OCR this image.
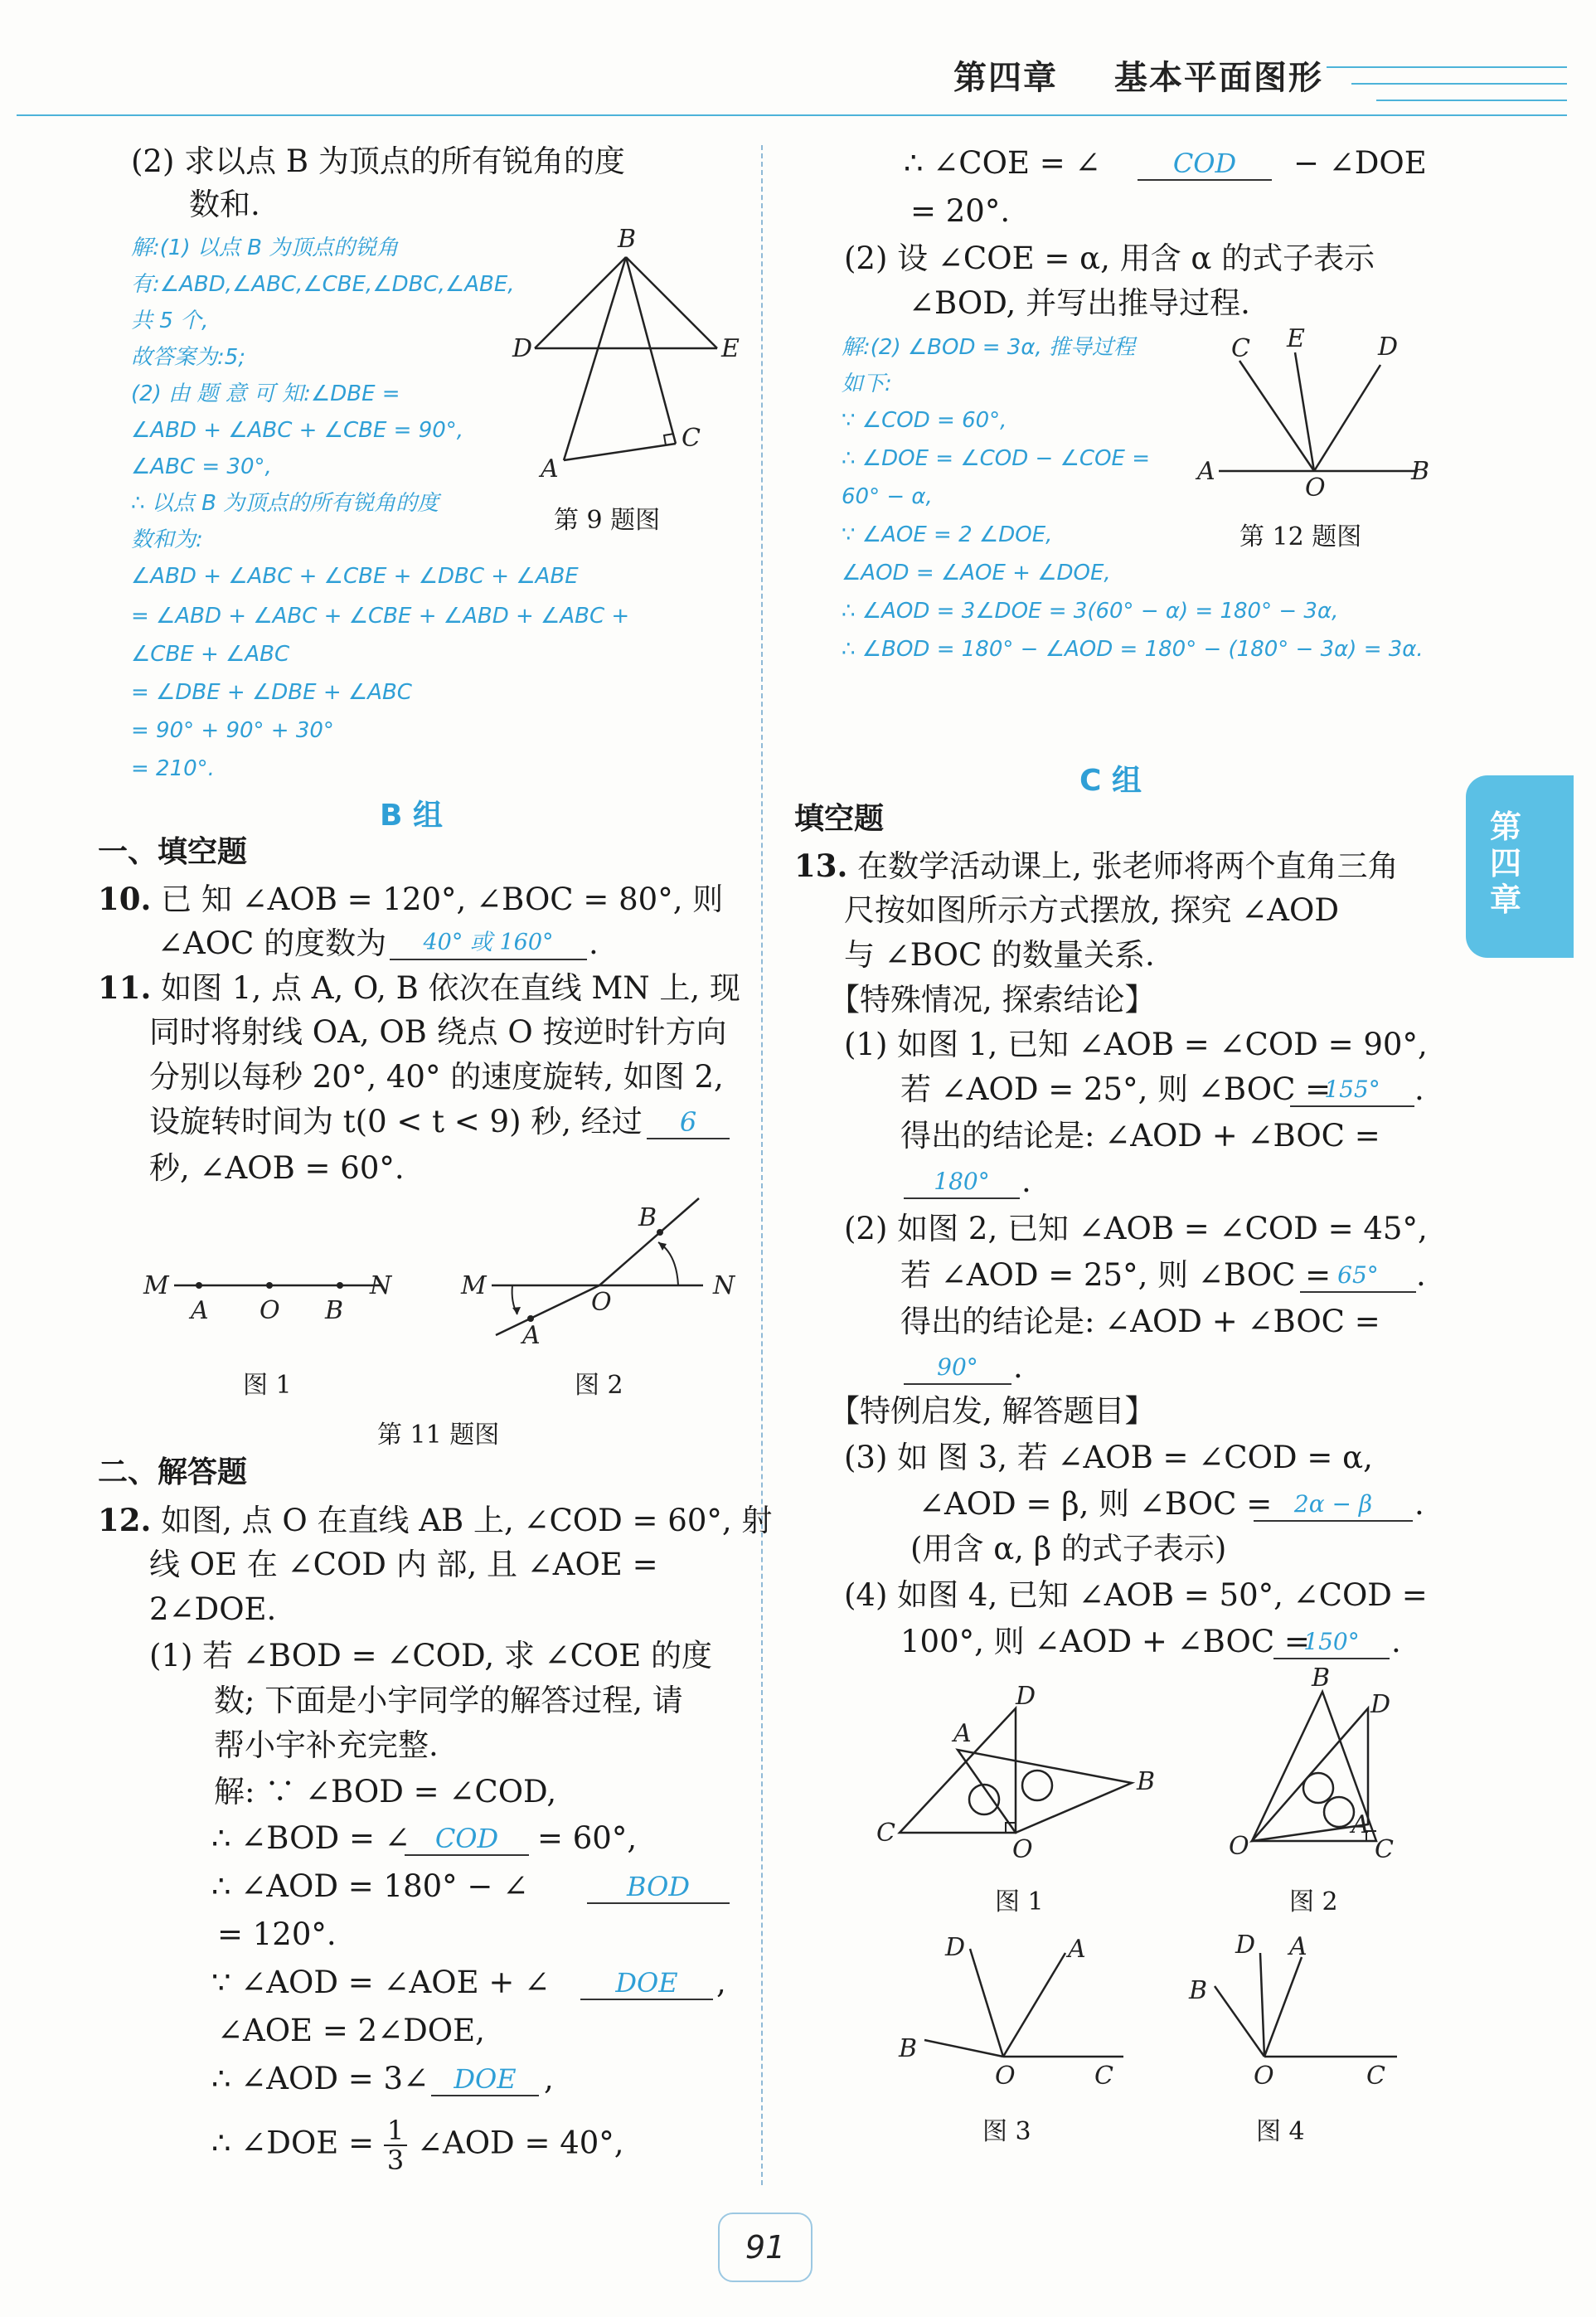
第四章 基本平面图形
第四章
(2) 求以点 B 为顶点的所有锐角的度
数和.
解:(1) 以点 B 为顶点的锐角
有:∠ABD,∠ABC,∠CBE,∠DBC,∠ABE,
共 5 个,
故答案为:5;
(2) 由 题 意 可 知:∠DBE =
∠ABD + ∠ABC + ∠CBE = 90°,
∠ABC = 30°,
∴ 以点 B 为顶点的所有锐角的度
数和为:
∠ABD + ∠ABC + ∠CBE + ∠DBC + ∠ABE
= ∠ABD + ∠ABC + ∠CBE + ∠ABD + ∠ABC +
∠CBE + ∠ABC
= ∠DBE + ∠DBE + ∠ABC
= 90° + 90° + 30°
= 210°.
B
D	E
A
C
第 9 题图
B 组
一、填空题
10. 已 知 ∠AOB = 120°, ∠BOC = 80°, 则
∠AOC 的度数为	40° 或 160°	.
11. 如图 1, 点 A, O, B 依次在直线 MN 上, 现
同时将射线 OA, OB 绕点 O 按逆时针方向
分别以每秒 20°, 40° 的速度旋转, 如图 2,
设旋转时间为 t(0 < t < 9) 秒, 经过	6
秒, ∠AOB = 60°.
M
A O B
N
B
M
O
N
A
图 1	图 2
第 11 题图
二、解答题
12. 如图, 点 O 在直线 AB 上, ∠COD = 60°, 射
线 OE 在 ∠COD 内 部, 且 ∠AOE =
2∠DOE.
(1) 若 ∠BOD = ∠COD, 求 ∠COE 的度
数; 下面是小宇同学的解答过程, 请
帮小宇补充完整.
解: ∵ ∠BOD = ∠COD,
∴ ∠BOD = ∠ COD	= 60°,
∴ ∠AOD = 180° − ∠	BOD
= 120°.
∵ ∠AOD = ∠AOE + ∠	DOE	,
∠AOE = 2∠DOE,
∴ ∠AOD = 3∠ DOE ,
∴ ∠DOE = $\frac{1}{3}$ ∠AOD = 40°,
∴ ∠COE = ∠	COD	− ∠DOE
= 20°.
(2) 设 ∠COE = α, 用含 α 的式子表示
∠BOD, 并写出推导过程.
解:(2) ∠BOD = 3α, 推导过程
如下:
∵ ∠COD = 60°,
∴ ∠DOE = ∠COD − ∠COE =
60° − α,
∵ ∠AOE = 2 ∠DOE,
∠AOD = ∠AOE + ∠DOE,
∴ ∠AOD = 3∠DOE = 3(60° − α) = 180° − 3α,
∴ ∠BOD = 180° − ∠AOD = 180° − (180° − 3α) = 3α.
C E	D
A
O
B
第 12 题图
C 组
填空题
13. 在数学活动课上, 张老师将两个直角三角
尺按如图所示方式摆放, 探究 ∠AOD
与 ∠BOC 的数量关系.
【特殊情况, 探索结论】
(1) 如图 1, 已知 ∠AOB = ∠COD = 90°,
若 ∠AOD = 25°, 则 ∠BOC =
155°	.
得出的结论是: ∠AOD + ∠BOC =
180°	.
(2) 如图 2, 已知 ∠AOB = ∠COD = 45°,
若 ∠AOD = 25°, 则 ∠BOC = 65°	.
得出的结论是: ∠AOD + ∠BOC =
90°	.
【特例启发, 解答题目】
(3) 如 图 3, 若 ∠AOB = ∠COD = α,
∠AOD = β, 则 ∠BOC = 2α − β	.
(用含 α, β 的式子表示)
(4) 如图 4, 已知 ∠AOB = 50°, ∠COD =
100°, 则 ∠AOD + ∠BOC =
150°	.
A
D
B
C
O
B
D
A
O	C
图 1	图 2
D	A
B
O	C
D A
B
O	C
图 3	图 4
91
